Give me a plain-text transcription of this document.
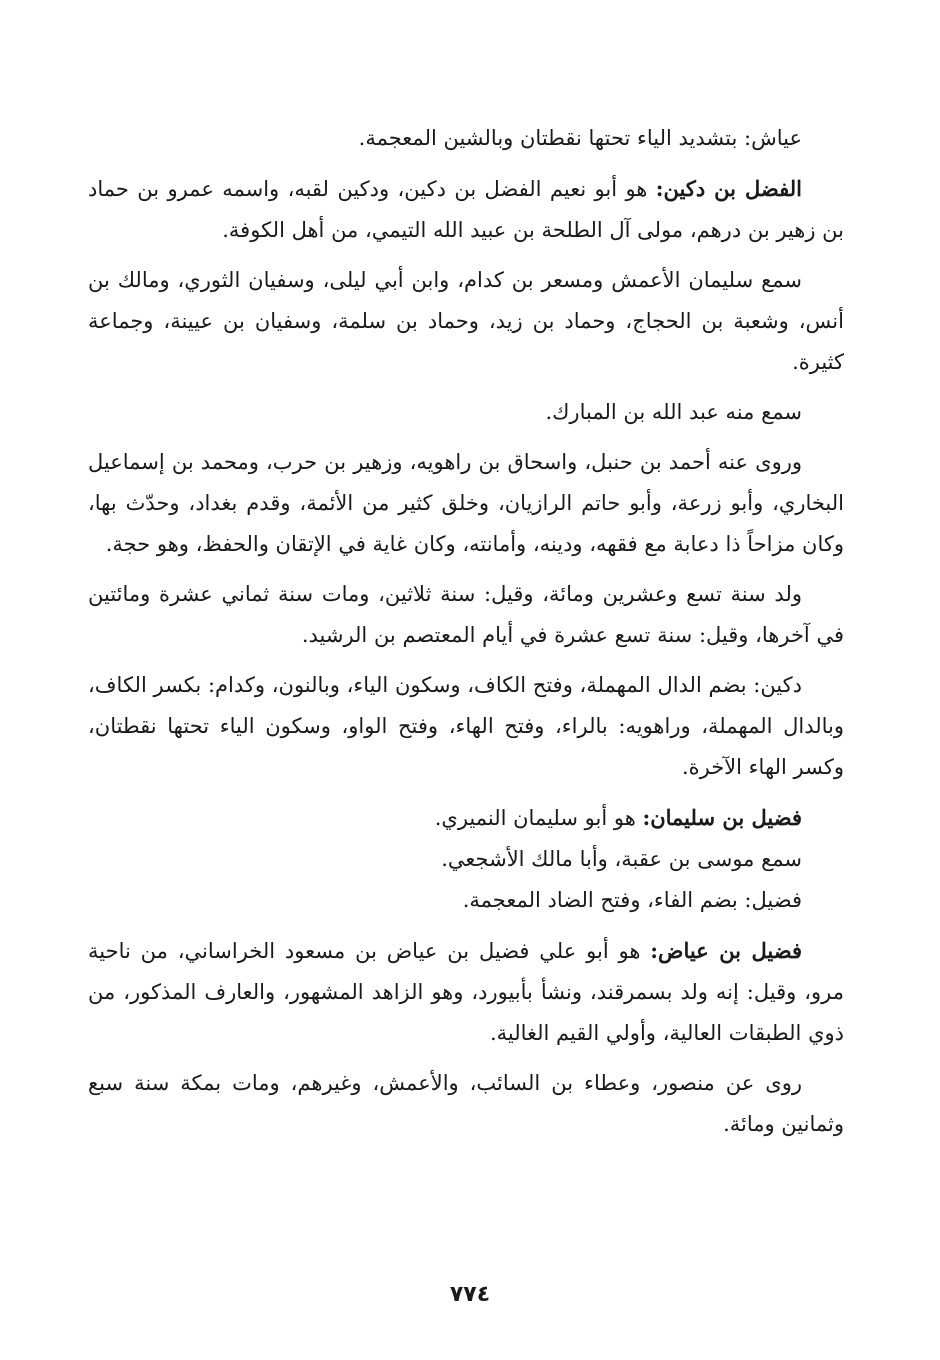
عياش: بتشديد الياء تحتها نقطتان وبالشين المعجمة.

الفضل بن دكين: هو أبو نعيم الفضل بن دكين، ودكين لقبه، واسمه عمرو بن حماد بن زهير بن درهم، مولى آل الطلحة بن عبيد الله التيمي، من أهل الكوفة.

سمع سليمان الأعمش ومسعر بن كدام، وابن أبي ليلى، وسفيان الثوري، ومالك بن أنس، وشعبة بن الحجاج، وحماد بن زيد، وحماد بن سلمة، وسفيان بن عيينة، وجماعة كثيرة.

سمع منه عبد الله بن المبارك.

وروى عنه أحمد بن حنبل، واسحاق بن راهويه، وزهير بن حرب، ومحمد بن إسماعيل البخاري، وأبو زرعة، وأبو حاتم الرازيان، وخلق كثير من الأئمة، وقدم بغداد، وحدّث بها، وكان مزاحاً ذا دعابة مع فقهه، ودينه، وأمانته، وكان غاية في الإتقان والحفظ، وهو حجة.

ولد سنة تسع وعشرين ومائة، وقيل: سنة ثلاثين، ومات سنة ثماني عشرة ومائتين في آخرها، وقيل: سنة تسع عشرة في أيام المعتصم بن الرشيد.

دكين: بضم الدال المهملة، وفتح الكاف، وسكون الياء، وبالنون، وكدام: بكسر الكاف، وبالدال المهملة، وراهويه: بالراء، وفتح الهاء، وفتح الواو، وسكون الياء تحتها نقطتان، وكسر الهاء الآخرة.

فضيل بن سليمان: هو أبو سليمان النميري.

سمع موسى بن عقبة، وأبا مالك الأشجعي.

فضيل: بضم الفاء، وفتح الضاد المعجمة.

فضيل بن عياض: هو أبو علي فضيل بن عياض بن مسعود الخراساني، من ناحية مرو، وقيل: إنه ولد بسمرقند، ونشأ بأبيورد، وهو الزاهد المشهور، والعارف المذكور، من ذوي الطبقات العالية، وأولي القيم الغالية.

روى عن منصور، وعطاء بن السائب، والأعمش، وغيرهم، ومات بمكة سنة سبع وثمانين ومائة.

٧٧٤
